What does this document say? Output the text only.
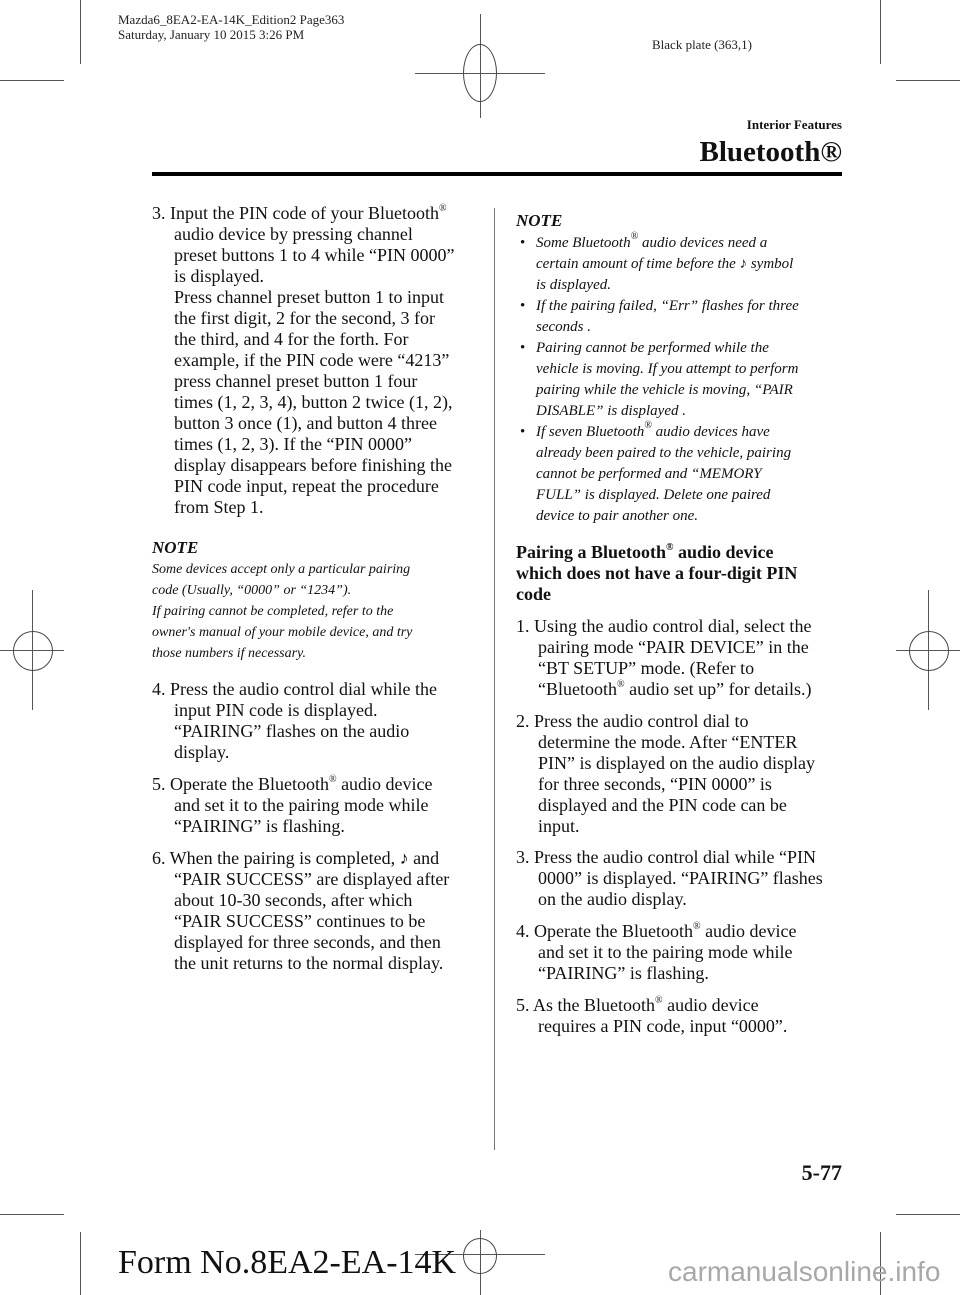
Mazda6_8EA2-EA-14K_Edition2 Page363
Saturday, January 10 2015 3:26 PM
Black plate (363,1)
Interior Features
Bluetooth®
3. Input the PIN code of your Bluetooth®
audio device by pressing channel
preset buttons 1 to 4 while “PIN 0000”
is displayed.
Press channel preset button 1 to input
the first digit, 2 for the second, 3 for
the third, and 4 for the forth. For
example, if the PIN code were “4213”
press channel preset button 1 four
times (1, 2, 3, 4), button 2 twice (1, 2),
button 3 once (1), and button 4 three
times (1, 2, 3). If the “PIN 0000”
display disappears before finishing the
PIN code input, repeat the procedure
from Step 1.
NOTE
Some devices accept only a particular pairing
code (Usually, “0000” or “1234”).
If pairing cannot be completed, refer to the
owner's manual of your mobile device, and try
those numbers if necessary.
4. Press the audio control dial while the
input PIN code is displayed.
“PAIRING” flashes on the audio
display.
5. Operate the Bluetooth® audio device
and set it to the pairing mode while
“PAIRING” is flashing.
6. When the pairing is completed, ♪ and
“PAIR SUCCESS” are displayed after
about 10-30 seconds, after which
“PAIR SUCCESS” continues to be
displayed for three seconds, and then
the unit returns to the normal display.
NOTE
• Some Bluetooth® audio devices need a
certain amount of time before the ♪ symbol
is displayed.
• If the pairing failed, “Err” flashes for three
seconds .
• Pairing cannot be performed while the
vehicle is moving. If you attempt to perform
pairing while the vehicle is moving, “PAIR
DISABLE” is displayed .
• If seven Bluetooth® audio devices have
already been paired to the vehicle, pairing
cannot be performed and “MEMORY
FULL” is displayed. Delete one paired
device to pair another one.
Pairing a Bluetooth® audio device
which does not have a four-digit PIN
code
1. Using the audio control dial, select the
pairing mode “PAIR DEVICE” in the
“BT SETUP” mode. (Refer to
“Bluetooth® audio set up” for details.)
2. Press the audio control dial to
determine the mode. After “ENTER
PIN” is displayed on the audio display
for three seconds, “PIN 0000” is
displayed and the PIN code can be
input.
3. Press the audio control dial while “PIN
0000” is displayed. “PAIRING” flashes
on the audio display.
4. Operate the Bluetooth® audio device
and set it to the pairing mode while
“PAIRING” is flashing.
5. As the Bluetooth® audio device
requires a PIN code, input “0000”.
5-77
Form No.8EA2-EA-14K	carmanualsonline.info
